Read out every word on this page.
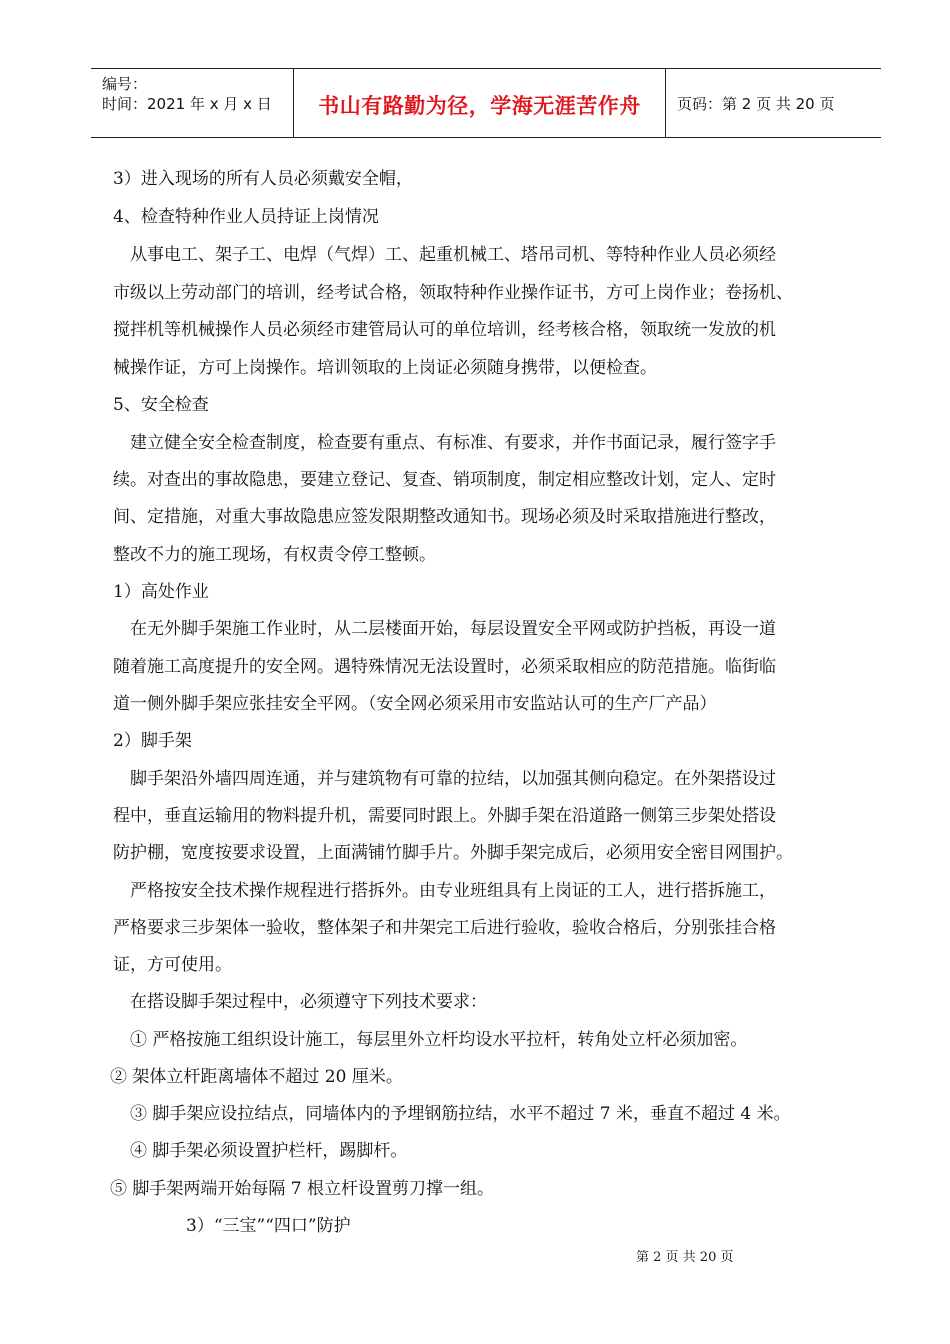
编号：
时间：2021 年 x 月 x 日	书山有路勤为径，学海无涯苦作舟	页码：第 2 页 共 20 页
3）进入现场的所有人员必须戴安全帽，
4、检查特种作业人员持证上岗情况
从事电工、架子工、电焊（气焊）工、起重机械工、塔吊司机、等特种作业人员必须经
市级以上劳动部门的培训，经考试合格，领取特种作业操作证书，方可上岗作业；卷扬机、
搅拌机等机械操作人员必须经市建管局认可的单位培训，经考核合格，领取统一发放的机
械操作证，方可上岗操作。培训领取的上岗证必须随身携带，以便检查。
5、安全检查
建立健全安全检查制度，检查要有重点、有标准、有要求，并作书面记录，履行签字手
续。对查出的事故隐患，要建立登记、复查、销项制度，制定相应整改计划，定人、定时
间、定措施，对重大事故隐患应签发限期整改通知书。现场必须及时采取措施进行整改，
整改不力的施工现场，有权责令停工整顿。
1）高处作业
在无外脚手架施工作业时，从二层楼面开始，每层设置安全平网或防护挡板，再设一道
随着施工高度提升的安全网。遇特殊情况无法设置时，必须采取相应的防范措施。临街临
道一侧外脚手架应张挂安全平网。（安全网必须采用市安监站认可的生产厂产品）
2）脚手架
脚手架沿外墙四周连通，并与建筑物有可靠的拉结，以加强其侧向稳定。在外架搭设过
程中，垂直运输用的物料提升机，需要同时跟上。外脚手架在沿道路一侧第三步架处搭设
防护棚，宽度按要求设置，上面满铺竹脚手片。外脚手架完成后，必须用安全密目网围护。
严格按安全技术操作规程进行搭拆外。由专业班组具有上岗证的工人，进行搭拆施工，
严格要求三步架体一验收，整体架子和井架完工后进行验收，验收合格后，分别张挂合格
证，方可使用。
在搭设脚手架过程中，必须遵守下列技术要求：
① 严格按施工组织设计施工，每层里外立杆均设水平拉杆，转角处立杆必须加密。
② 架体立杆距离墙体不超过 20 厘米。
③ 脚手架应设拉结点，同墙体内的予埋钢筋拉结，水平不超过 7 米，垂直不超过 4 米。
④ 脚手架必须设置护栏杆，踢脚杆。
⑤ 脚手架两端开始每隔 7 根立杆设置剪刀撑一组。
3）“三宝”“四口”防护
第 2 页 共 20 页
